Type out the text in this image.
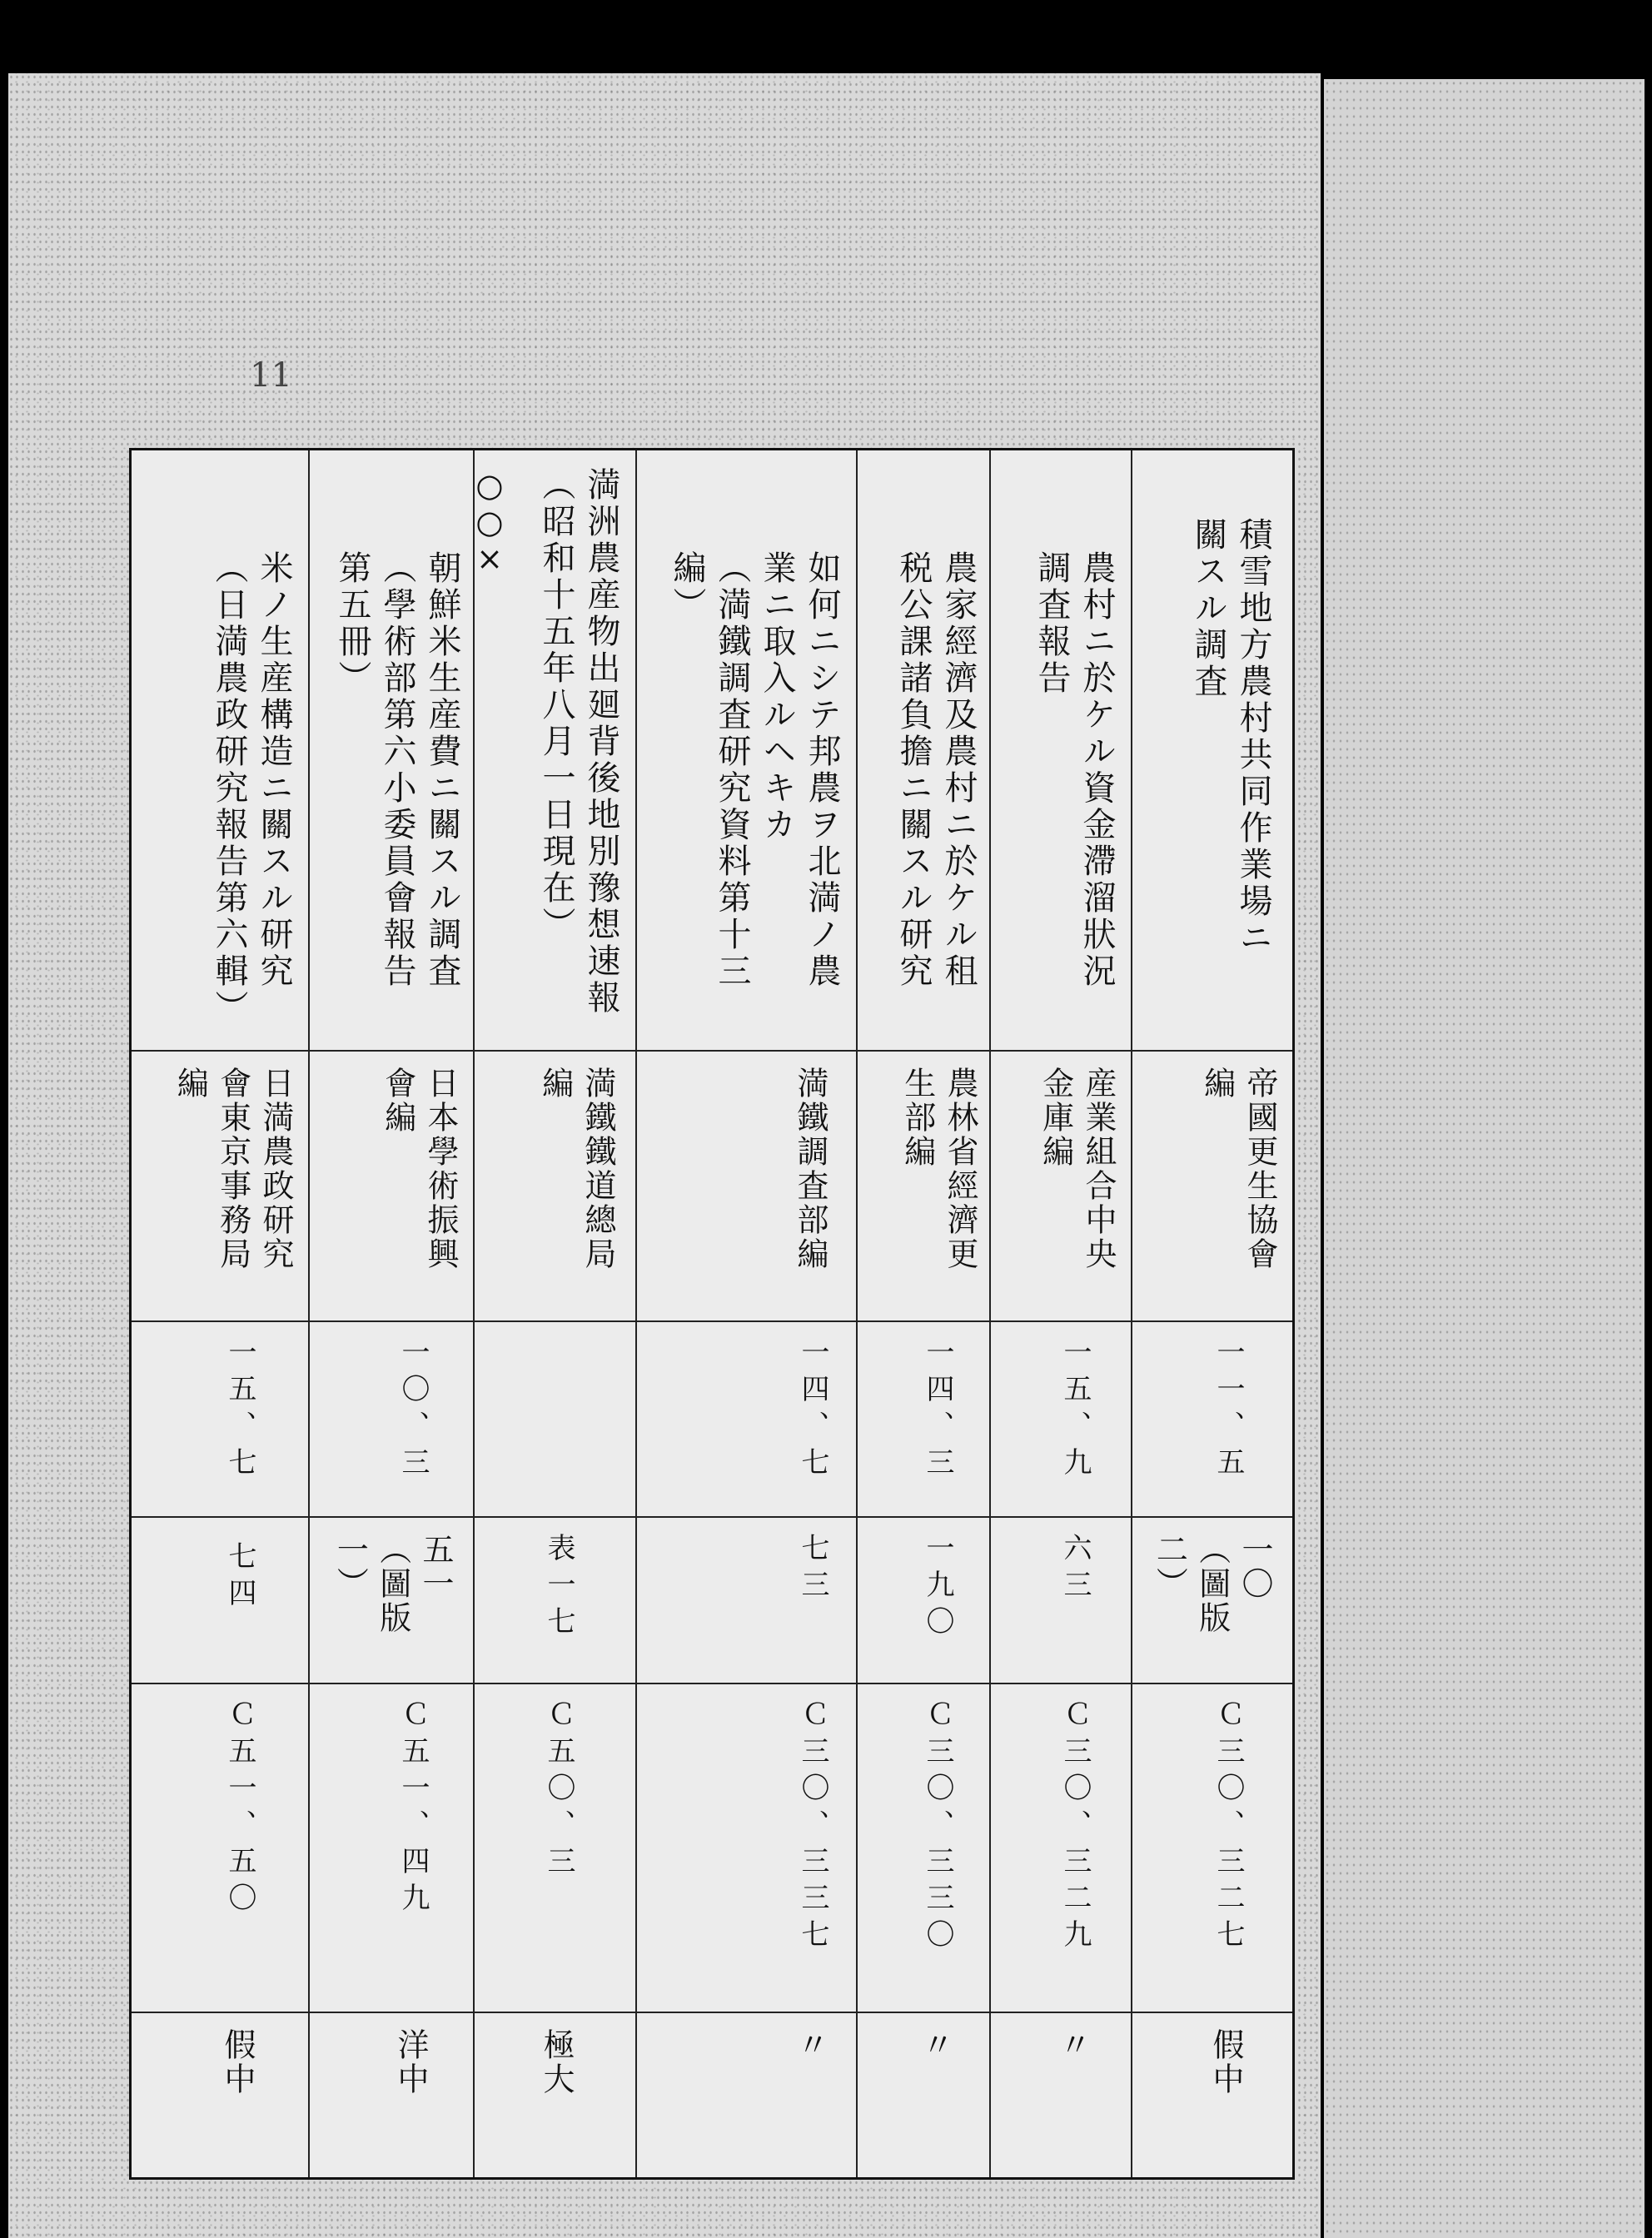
11
米ノ生産構造ニ關スル研究
（日満農政研究報告第六輯）
日満農政研究
會東京事務局
編
一五、七
七四
Ｃ五一、五〇
假中
朝鮮米生産費ニ關スル調査
（學術部第六小委員會報告
第五冊）
日本學術振興
會編
一〇、三
五一
（圖版
一）
Ｃ五一、四九
洋中
○○×	満洲農産物出廻背後地別豫想速報
（昭和十五年八月一日現在）
満鐵鐵道總局
編
表一七
Ｃ五〇、三
極大
如何ニシテ邦農ヲ北満ノ農
業ニ取入ルヘキカ
（満鐵調査研究資料第十三
編）
満鐵調査部編
一四、七
七三
Ｃ三〇、三三七
〃
農家經濟及農村ニ於ケル租
税公課諸負擔ニ關スル研究
農林省經濟更
生部編
一四、三
一九〇
Ｃ三〇、三三〇
〃
農村ニ於ケル資金滯溜狀況
調査報告
産業組合中央
金庫編
一五、九
六三
Ｃ三〇、三二九
〃
積雪地方農村共同作業場ニ
關スル調査
帝國更生協會
編
一一、五
一〇
（圖版
二）
Ｃ三〇、三二七
假中
